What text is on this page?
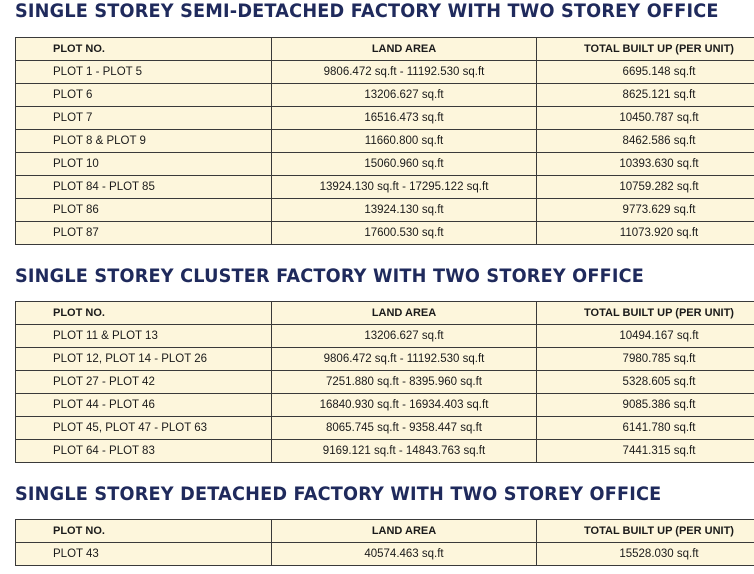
SINGLE STOREY SEMI-DETACHED FACTORY WITH TWO STOREY OFFICE
PLOT NO.	LAND AREA	TOTAL BUILT UP (PER UNIT)
PLOT 1 - PLOT 5	9806.472 sq.ft - 11192.530 sq.ft	6695.148 sq.ft
PLOT 6	13206.627 sq.ft	8625.121 sq.ft
PLOT 7	16516.473 sq.ft	10450.787 sq.ft
PLOT 8 & PLOT 9	11660.800 sq.ft	8462.586 sq.ft
PLOT 10	15060.960 sq.ft	10393.630 sq.ft
PLOT 84 - PLOT 85	13924.130 sq.ft - 17295.122 sq.ft	10759.282 sq.ft
PLOT 86	13924.130 sq.ft	9773.629 sq.ft
PLOT 87	17600.530 sq.ft	11073.920 sq.ft
SINGLE STOREY CLUSTER FACTORY WITH TWO STOREY OFFICE
PLOT NO.	LAND AREA	TOTAL BUILT UP (PER UNIT)
PLOT 11 & PLOT 13	13206.627 sq.ft	10494.167 sq.ft
PLOT 12, PLOT 14 - PLOT 26	9806.472 sq.ft - 11192.530 sq.ft	7980.785 sq.ft
PLOT 27 - PLOT 42	7251.880 sq.ft - 8395.960 sq.ft	5328.605 sq.ft
PLOT 44 - PLOT 46	16840.930 sq.ft - 16934.403 sq.ft	9085.386 sq.ft
PLOT 45, PLOT 47 - PLOT 63	8065.745 sq.ft - 9358.447 sq.ft	6141.780 sq.ft
PLOT 64 - PLOT 83	9169.121 sq.ft - 14843.763 sq.ft	7441.315 sq.ft
SINGLE STOREY DETACHED FACTORY WITH TWO STOREY OFFICE
PLOT NO.	LAND AREA	TOTAL BUILT UP (PER UNIT)
PLOT 43	40574.463 sq.ft	15528.030 sq.ft
